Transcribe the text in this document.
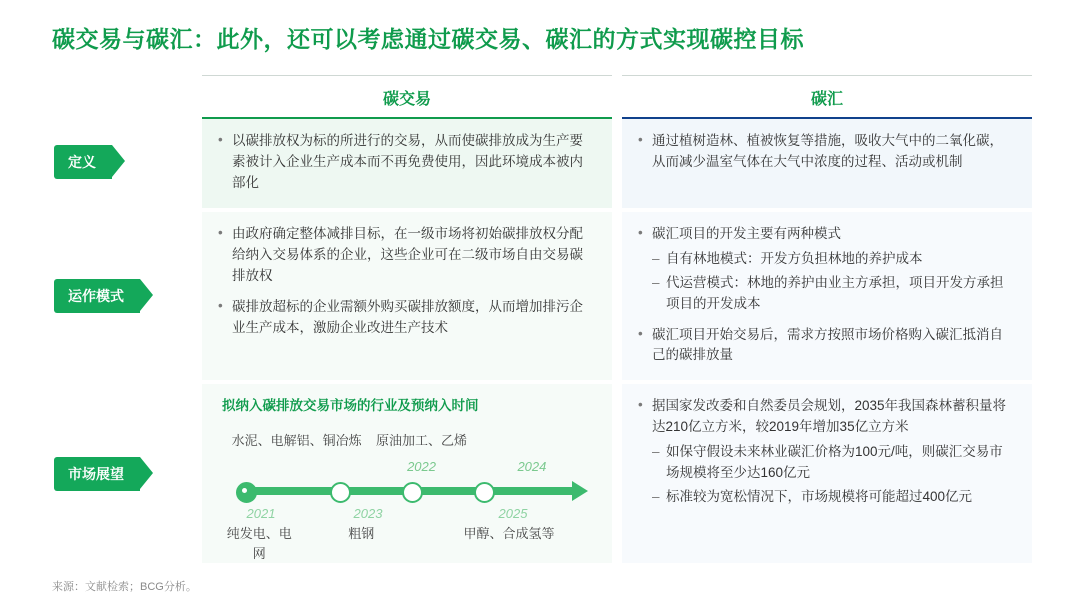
碳交易与碳汇：此外，还可以考虑通过碳交易、碳汇的方式实现碳控目标
碳交易	碳汇
定义
• 以碳排放权为标的所进行的交易，从而使碳排放成为生产要素被计入企业生产成本而不再免费使用，因此环境成本被内部化
• 通过植树造林、植被恢复等措施，吸收大气中的二氧化碳，从而减少温室气体在大气中浓度的过程、活动或机制
运作模式
• 由政府确定整体减排目标，在一级市场将初始碳排放权分配给纳入交易体系的企业，这些企业可在二级市场自由交易碳排放权
• 碳排放超标的企业需额外购买碳排放额度，从而增加排污企业生产成本，激励企业改进生产技术
• 碳汇项目的开发主要有两种模式
– 自有林地模式：开发方负担林地的养护成本
– 代运营模式：林地的养护由业主方承担，项目开发方承担项目的开发成本
• 碳汇项目开始交易后，需求方按照市场价格购入碳汇抵消自己的碳排放量
市场展望
拟纳入碳排放交易市场的行业及预纳入时间
水泥、电解铝、铜冶炼	原油加工、乙烯
2022	2024
2021	2023	2025
纯发电、电网
粗钢	甲醇、合成氢等
• 据国家发改委和自然委员会规划，2035年我国森林蓄积量将达210亿立方米，较2019年增加35亿立方米
– 如保守假设未来林业碳汇价格为100元/吨，则碳汇交易市场规模将至少达160亿元
– 标准较为宽松情况下，市场规模将可能超过400亿元
来源：文献检索；BCG分析。
